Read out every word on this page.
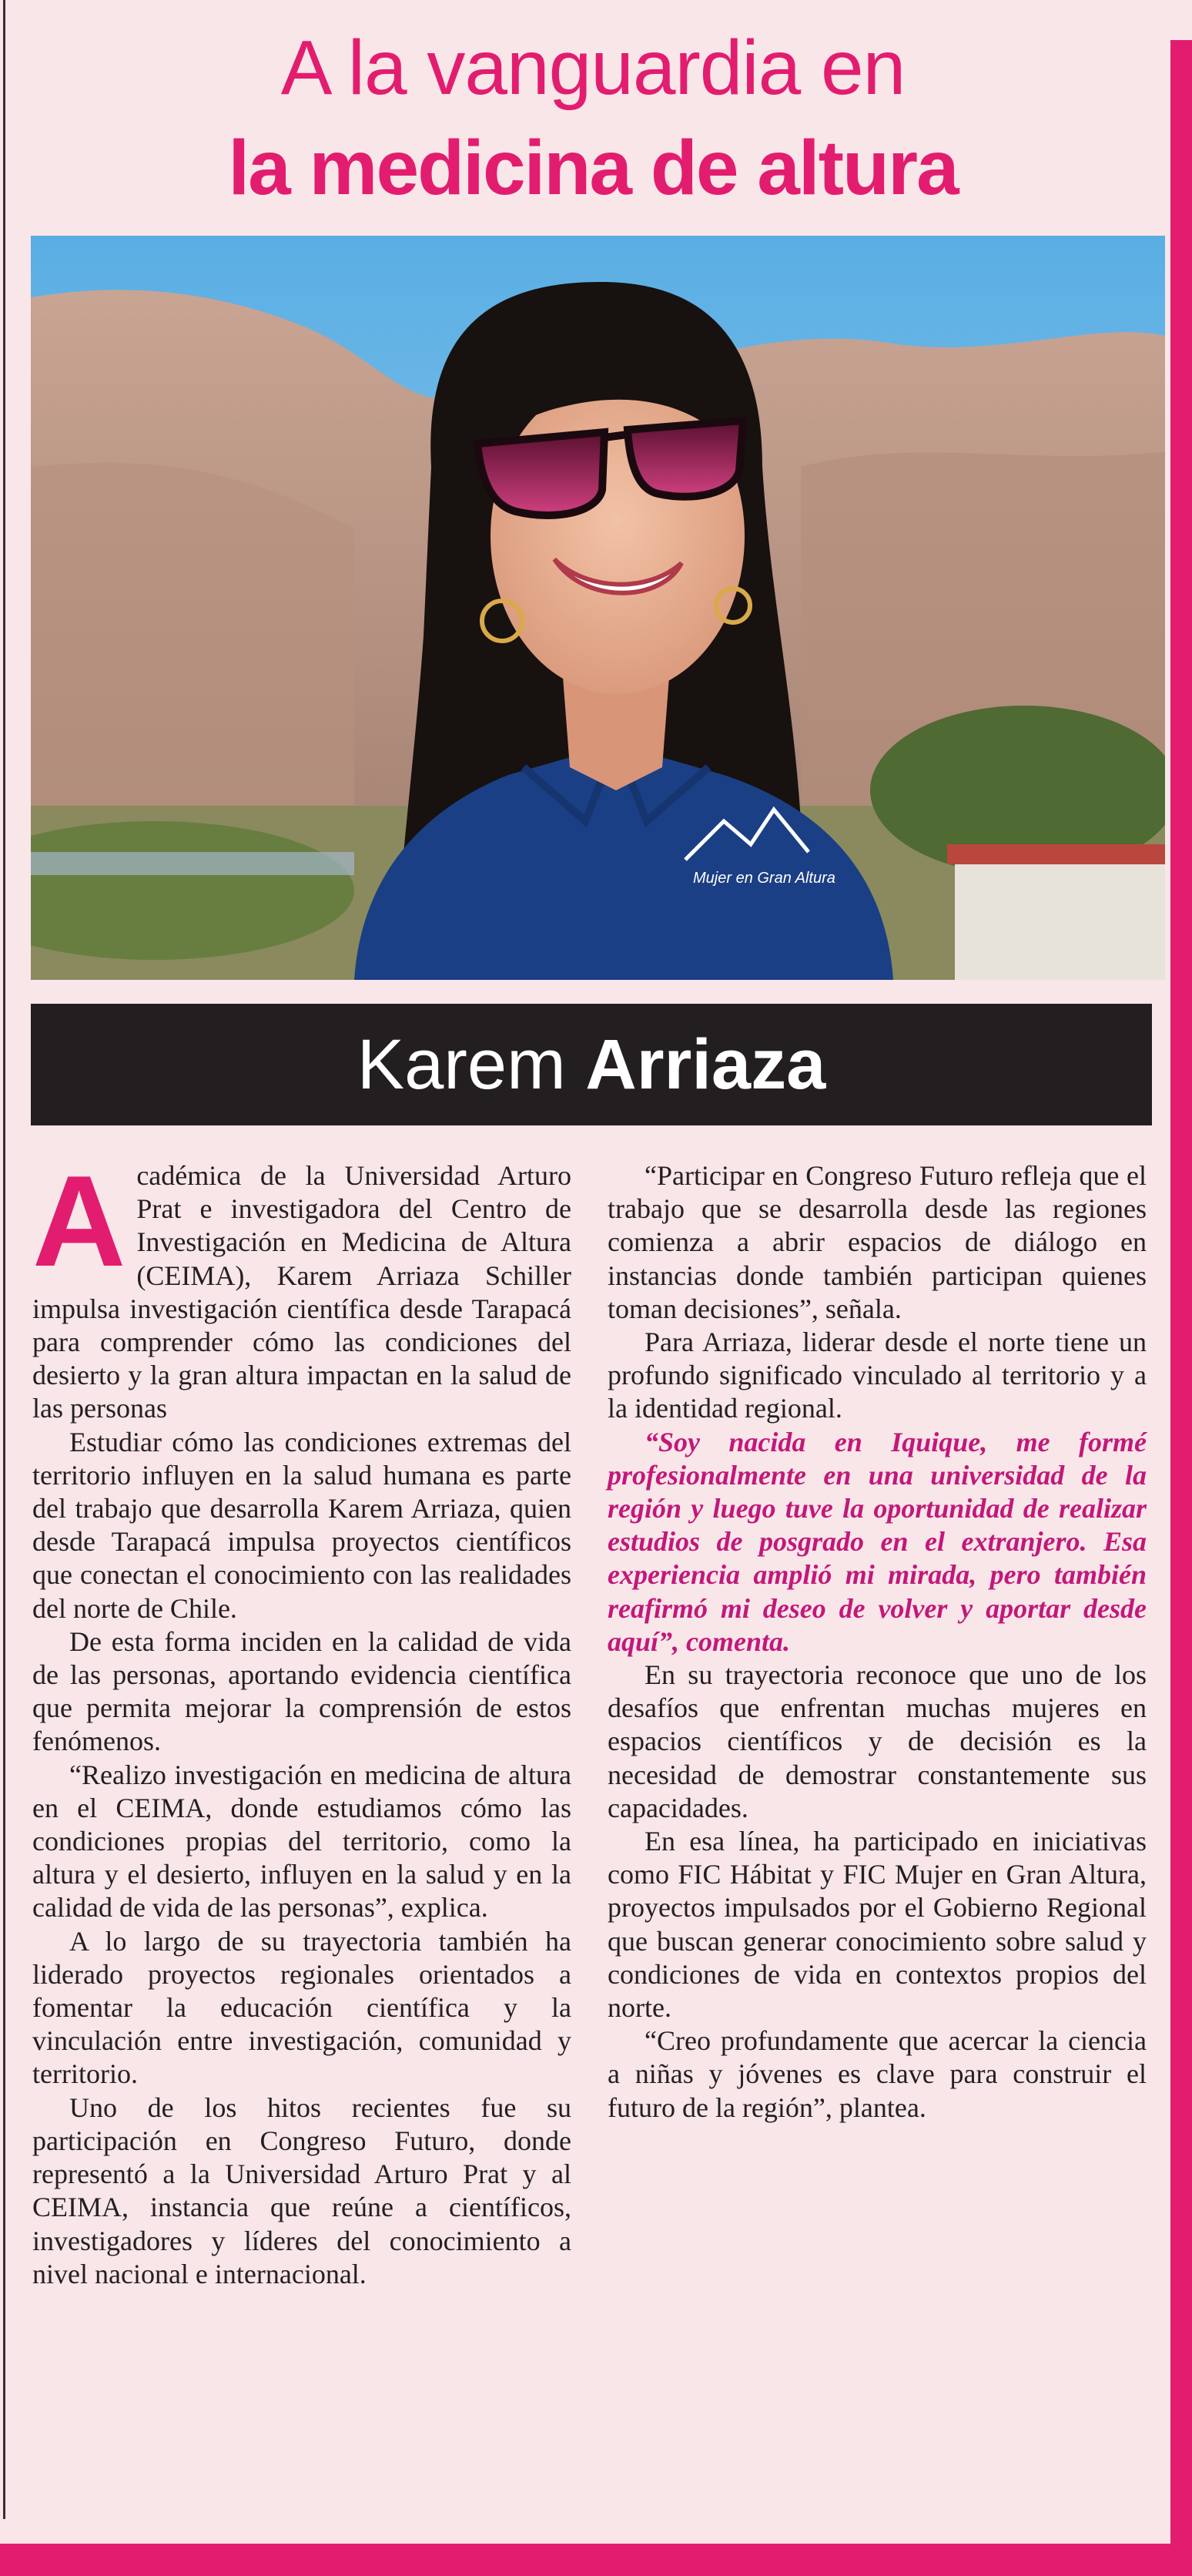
A la vanguardia en
la medicina de altura
Mujer en Gran Altura
Karem Arriaza

Académica de la Universidad Arturo Prat e investigadora del Centro de Investigación en Medicina de Altura (CEIMA), Karem Arriaza Schiller impulsa investigación científica desde Tarapacá para comprender cómo las condiciones del desierto y la gran altura impactan en la salud de las personas

Estudiar cómo las condiciones extremas del territorio influyen en la salud humana es parte del trabajo que desarrolla Karem Arriaza, quien desde Tarapacá impulsa proyectos científicos que conectan el conocimiento con las realidades del norte de Chile.

De esta forma inciden en la calidad de vida de las personas, aportando evidencia científica que permita mejorar la comprensión de estos fenómenos.

“Realizo investigación en medicina de altura en el CEIMA, donde estudiamos cómo las condiciones propias del territorio, como la altura y el desierto, influyen en la salud y en la calidad de vida de las personas”, explica.

A lo largo de su trayectoria también ha liderado proyectos regionales orientados a fomentar la educación científica y la vinculación entre investigación, comunidad y territorio.

Uno de los hitos recientes fue su participación en Congreso Futuro, donde representó a la Universidad Arturo Prat y al CEIMA, instancia que reúne a científicos, investigadores y líderes del conocimiento a nivel nacional e internacional.

“Participar en Congreso Futuro refleja que el trabajo que se desarrolla desde las regiones comienza a abrir espacios de diálogo en instancias donde también participan quienes toman decisiones”, señala.

Para Arriaza, liderar desde el norte tiene un profundo significado vinculado al territorio y a la identidad regional.

“Soy nacida en Iquique, me formé profesionalmente en una universidad de la región y luego tuve la oportunidad de realizar estudios de posgrado en el extranjero. Esa experiencia amplió mi mirada, pero también reafirmó mi deseo de volver y aportar desde aquí”, comenta.

En su trayectoria reconoce que uno de los desafíos que enfrentan muchas mujeres en espacios científicos y de decisión es la necesidad de demostrar constantemente sus capacidades.

En esa línea, ha participado en iniciativas como FIC Hábitat y FIC Mujer en Gran Altura, proyectos impulsados por el Gobierno Regional que buscan generar conocimiento sobre salud y condiciones de vida en contextos propios del norte.

“Creo profundamente que acercar la ciencia a niñas y jóvenes es clave para construir el futuro de la región”, plantea.
